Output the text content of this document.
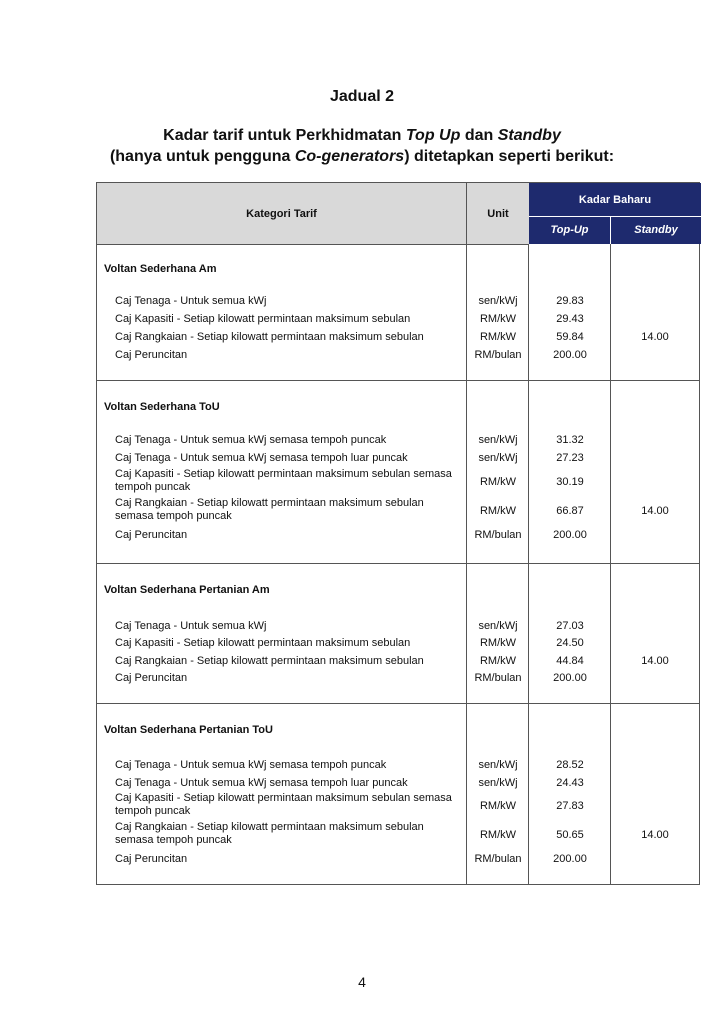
Jadual 2
Kadar tarif untuk Perkhidmatan Top Up dan Standby
(hanya untuk pengguna Co-generators) ditetapkan seperti berikut:
Kategori Tarif	Unit
Kadar Baharu
Top-Up	Standby
Voltan Sederhana Am
Caj Tenaga - Untuk semua kWj	sen/kWj	29.83
Caj Kapasiti - Setiap kilowatt permintaan maksimum sebulan	RM/kW	29.43
Caj Rangkaian - Setiap kilowatt permintaan maksimum sebulan	RM/kW	59.84
Caj Peruncitan	RM/bulan	200.00
14.00
Voltan Sederhana ToU
Caj Tenaga - Untuk semua kWj semasa tempoh puncak	sen/kWj	31.32
Caj Tenaga - Untuk semua kWj semasa tempoh luar puncak	sen/kWj	27.23
Caj Kapasiti - Setiap kilowatt permintaan maksimum sebulan semasa tempoh puncak	RM/kW	30.19
Caj Rangkaian - Setiap kilowatt permintaan maksimum sebulan semasa tempoh puncak	RM/kW	66.87
Caj Peruncitan	RM/bulan	200.00
14.00
Voltan Sederhana Pertanian Am
Caj Tenaga - Untuk semua kWj	sen/kWj	27.03
Caj Kapasiti - Setiap kilowatt permintaan maksimum sebulan	RM/kW	24.50
Caj Rangkaian - Setiap kilowatt permintaan maksimum sebulan	RM/kW	44.84
Caj Peruncitan	RM/bulan	200.00
14.00
Voltan Sederhana Pertanian ToU
Caj Tenaga - Untuk semua kWj semasa tempoh puncak	sen/kWj	28.52
Caj Tenaga - Untuk semua kWj semasa tempoh luar puncak	sen/kWj	24.43
Caj Kapasiti - Setiap kilowatt permintaan maksimum sebulan semasa tempoh puncak	RM/kW	27.83
Caj Rangkaian - Setiap kilowatt permintaan maksimum sebulan semasa tempoh puncak	RM/kW	50.65
Caj Peruncitan	RM/bulan	200.00
14.00
4
